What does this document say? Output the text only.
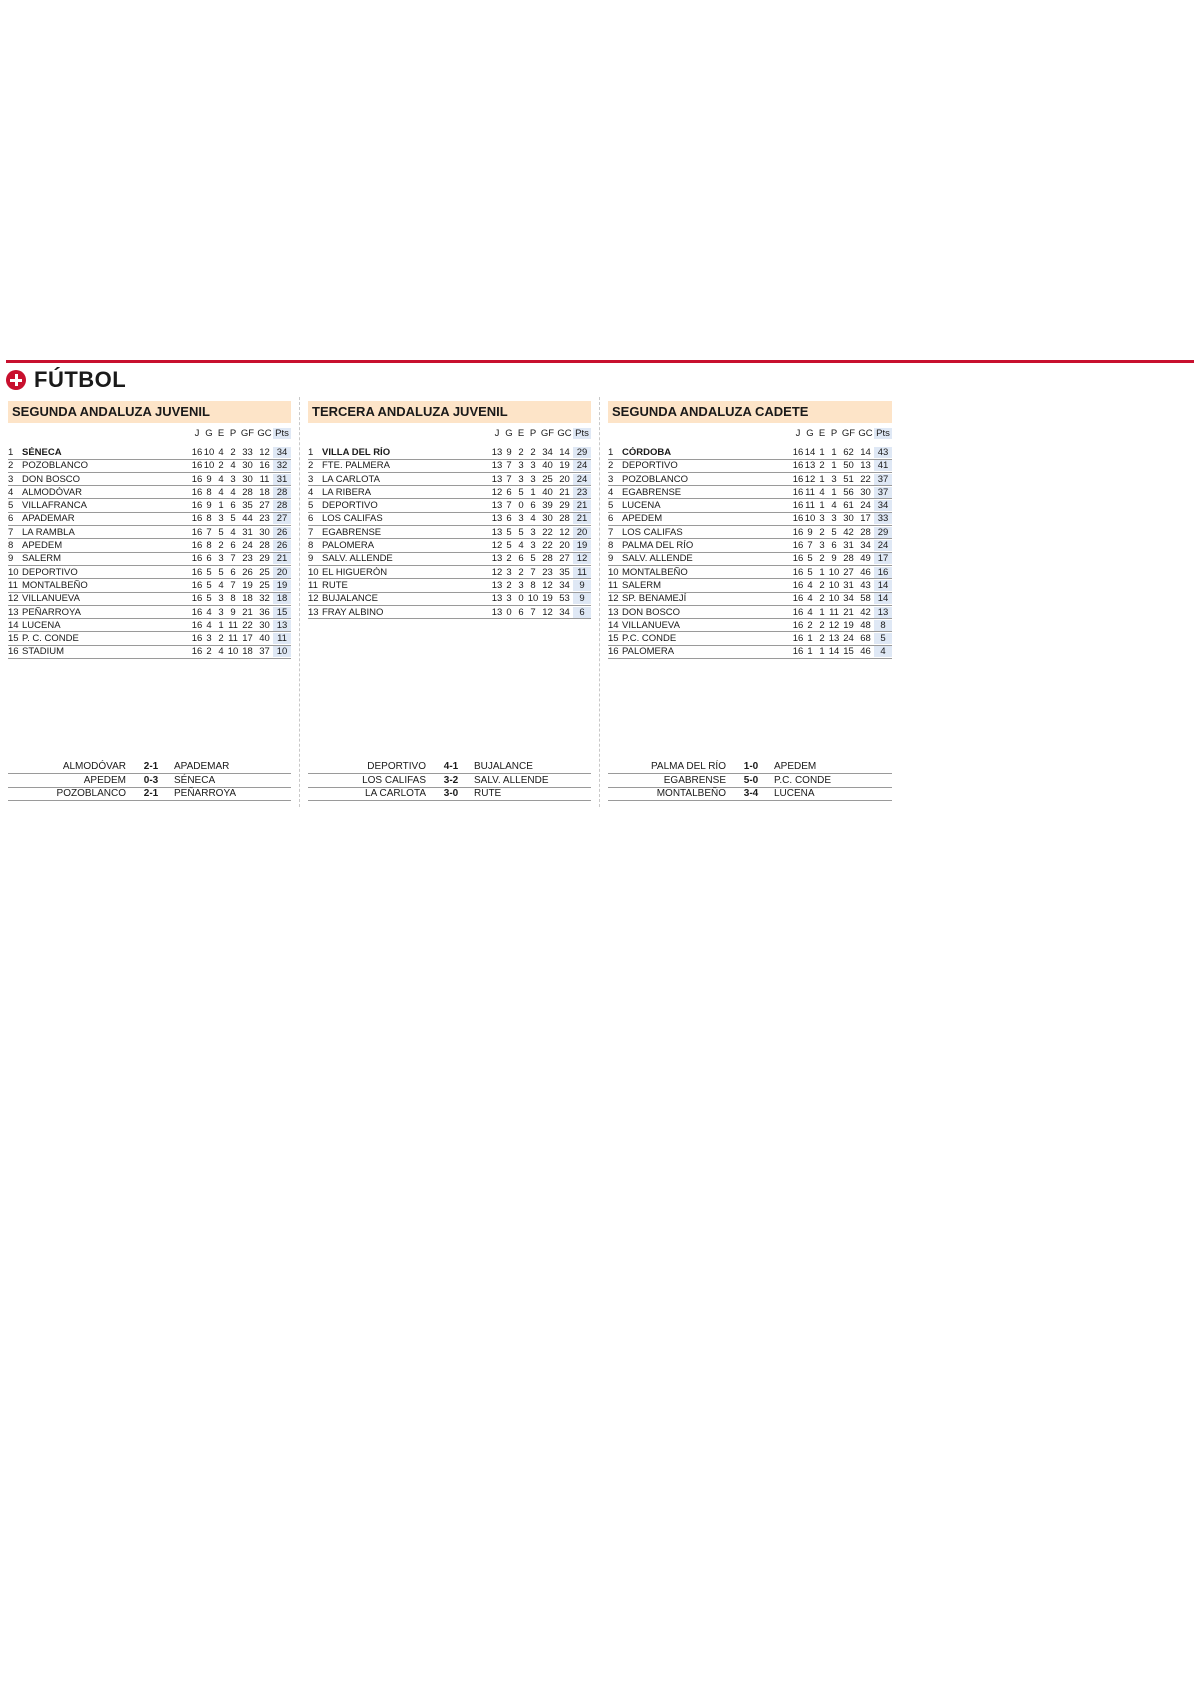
FÚTBOL
SEGUNDA ANDALUZA JUVENIL
J G E P GF GC Pts
1 SÉNECA	16 10 4 2 33 12 34
2 POZOBLANCO	16 10 2 4 30 16 32
3 DON BOSCO	16 9 4 3 30 11 31
4 ALMODÓVAR	16 8 4 4 28 18 28
5 VILLAFRANCA	16 9 1 6 35 27 28
6 APADEMAR	16 8 3 5 44 23 27
7 LA RAMBLA	16 7 5 4 31 30 26
8 APEDEM	16 8 2 6 24 28 26
9 SALERM	16 6 3 7 23 29 21
10 DEPORTIVO	16 5 5 6 26 25 20
11 MONTALBEÑO	16 5 4 7 19 25 19
12 VILLANUEVA	16 5 3 8 18 32 18
13 PEÑARROYA	16 4 3 9 21 36 15
14 LUCENA	16 4 1 11 22 30 13
15 P. C. CONDE	16 3 2 11 17 40 11
16 STADIUM	16 2 4 10 18 37 10
ALMODÓVAR	2-1	APADEMAR
APEDEM	0-3	SÉNECA
POZOBLANCO	2-1	PEÑARROYA
TERCERA ANDALUZA JUVENIL
J G E P GF GC Pts
1 VILLA DEL RÍO	13 9 2 2 34 14 29
2 FTE. PALMERA	13 7 3 3 40 19 24
3 LA CARLOTA	13 7 3 3 25 20 24
4 LA RIBERA	12 6 5 1 40 21 23
5 DEPORTIVO	13 7 0 6 39 29 21
6 LOS CALIFAS	13 6 3 4 30 28 21
7 EGABRENSE	13 5 5 3 22 12 20
8 PALOMERA	12 5 4 3 22 20 19
9 SALV. ALLENDE	13 2 6 5 28 27 12
10 EL HIGUERÓN	12 3 2 7 23 35 11
11 RUTE	13 2 3 8 12 34	9
12 BUJALANCE	13 3 0 10 19 53	9
13 FRAY ALBINO	13 0 6 7 12 34	6
DEPORTIVO	4-1	BUJALANCE
LOS CALIFAS	3-2	SALV. ALLENDE
LA CARLOTA	3-0	RUTE
SEGUNDA ANDALUZA CADETE
J G E P GF GC Pts
1 CÓRDOBA	16 14 1 1 62 14 43
2 DEPORTIVO	16 13 2 1 50 13 41
3 POZOBLANCO	16 12 1 3 51 22 37
4 EGABRENSE	16 11 4 1 56 30 37
5 LUCENA	16 11 1 4 61 24 34
6 APEDEM	16 10 3 3 30 17 33
7 LOS CALIFAS	16 9 2 5 42 28 29
8 PALMA DEL RÍO	16 7 3 6 31 34 24
9 SALV. ALLENDE	16 5 2 9 28 49 17
10 MONTALBEÑO	16 5 1 10 27 46 16
11 SALERM	16 4 2 10 31 43 14
12 SP. BENAMEJÍ	16 4 2 10 34 58 14
13 DON BOSCO	16 4 1 11 21 42 13
14 VILLANUEVA	16 2 2 12 19 48	8
15 P.C. CONDE	16 1 2 13 24 68	5
16 PALOMERA	16 1 1 14 15 46	4
PALMA DEL RÍO	1-0	APEDEM
EGABRENSE	5-0	P.C. CONDE
MONTALBEÑO	3-4	LUCENA
